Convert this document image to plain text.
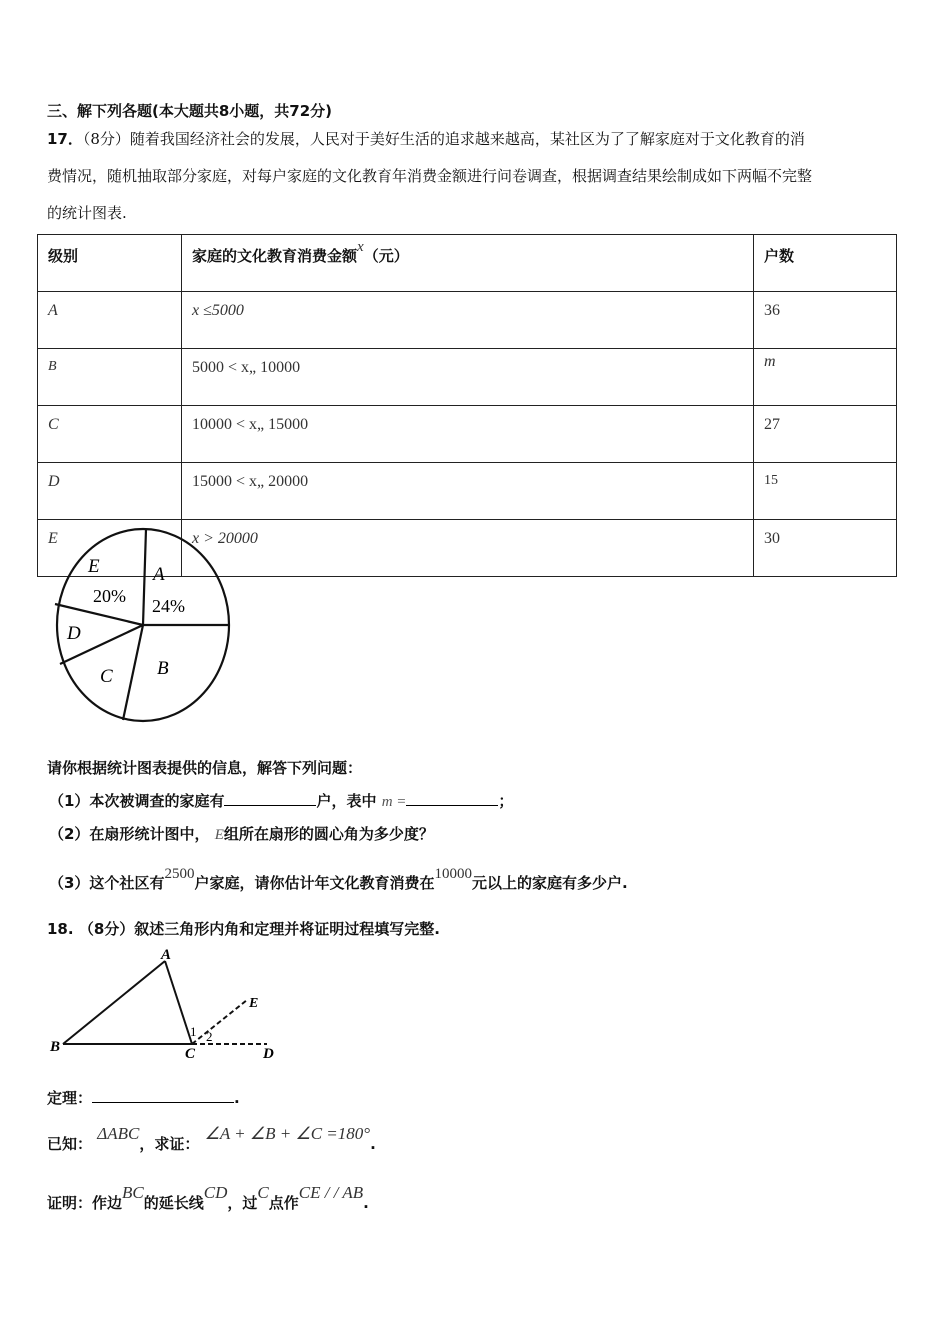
三、解下列各题(本大题共8小题，共72分)
17．（8分）随着我国经济社会的发展，人民对于美好生活的追求越来越高，某社区为了了解家庭对于文化教育的消
费情况，随机抽取部分家庭，对每户家庭的文化教育年消费金额进行问卷调查，根据调查结果绘制成如下两幅不完整
的统计图表.
级别	家庭的文化教育消费金额x（元）	户数
A	x ≤5000	36
B	5000 < x„ 10000	m
C	10000 < x„ 15000	27
D	15000 < x„ 20000	15
E	x > 20000	30
A
24%
E
20%
D
C B
请你根据统计图表提供的信息，解答下列问题：
（1）本次被调查的家庭有	户，表中 m =	；
（2）在扇形统计图中， E组所在扇形的圆心角为多少度？
（3）这个社区有2500户家庭，请你估计年文化教育消费在10000元以上的家庭有多少户.
18. （8分）叙述三角形内角和定理并将证明过程填写完整.
A
B	C	D
E
1 2
定理：	.
已知： ΔABC，求证： ∠A + ∠B + ∠C =180°.
证明：作边BC的延长线CD，过C点作CE / / AB.
